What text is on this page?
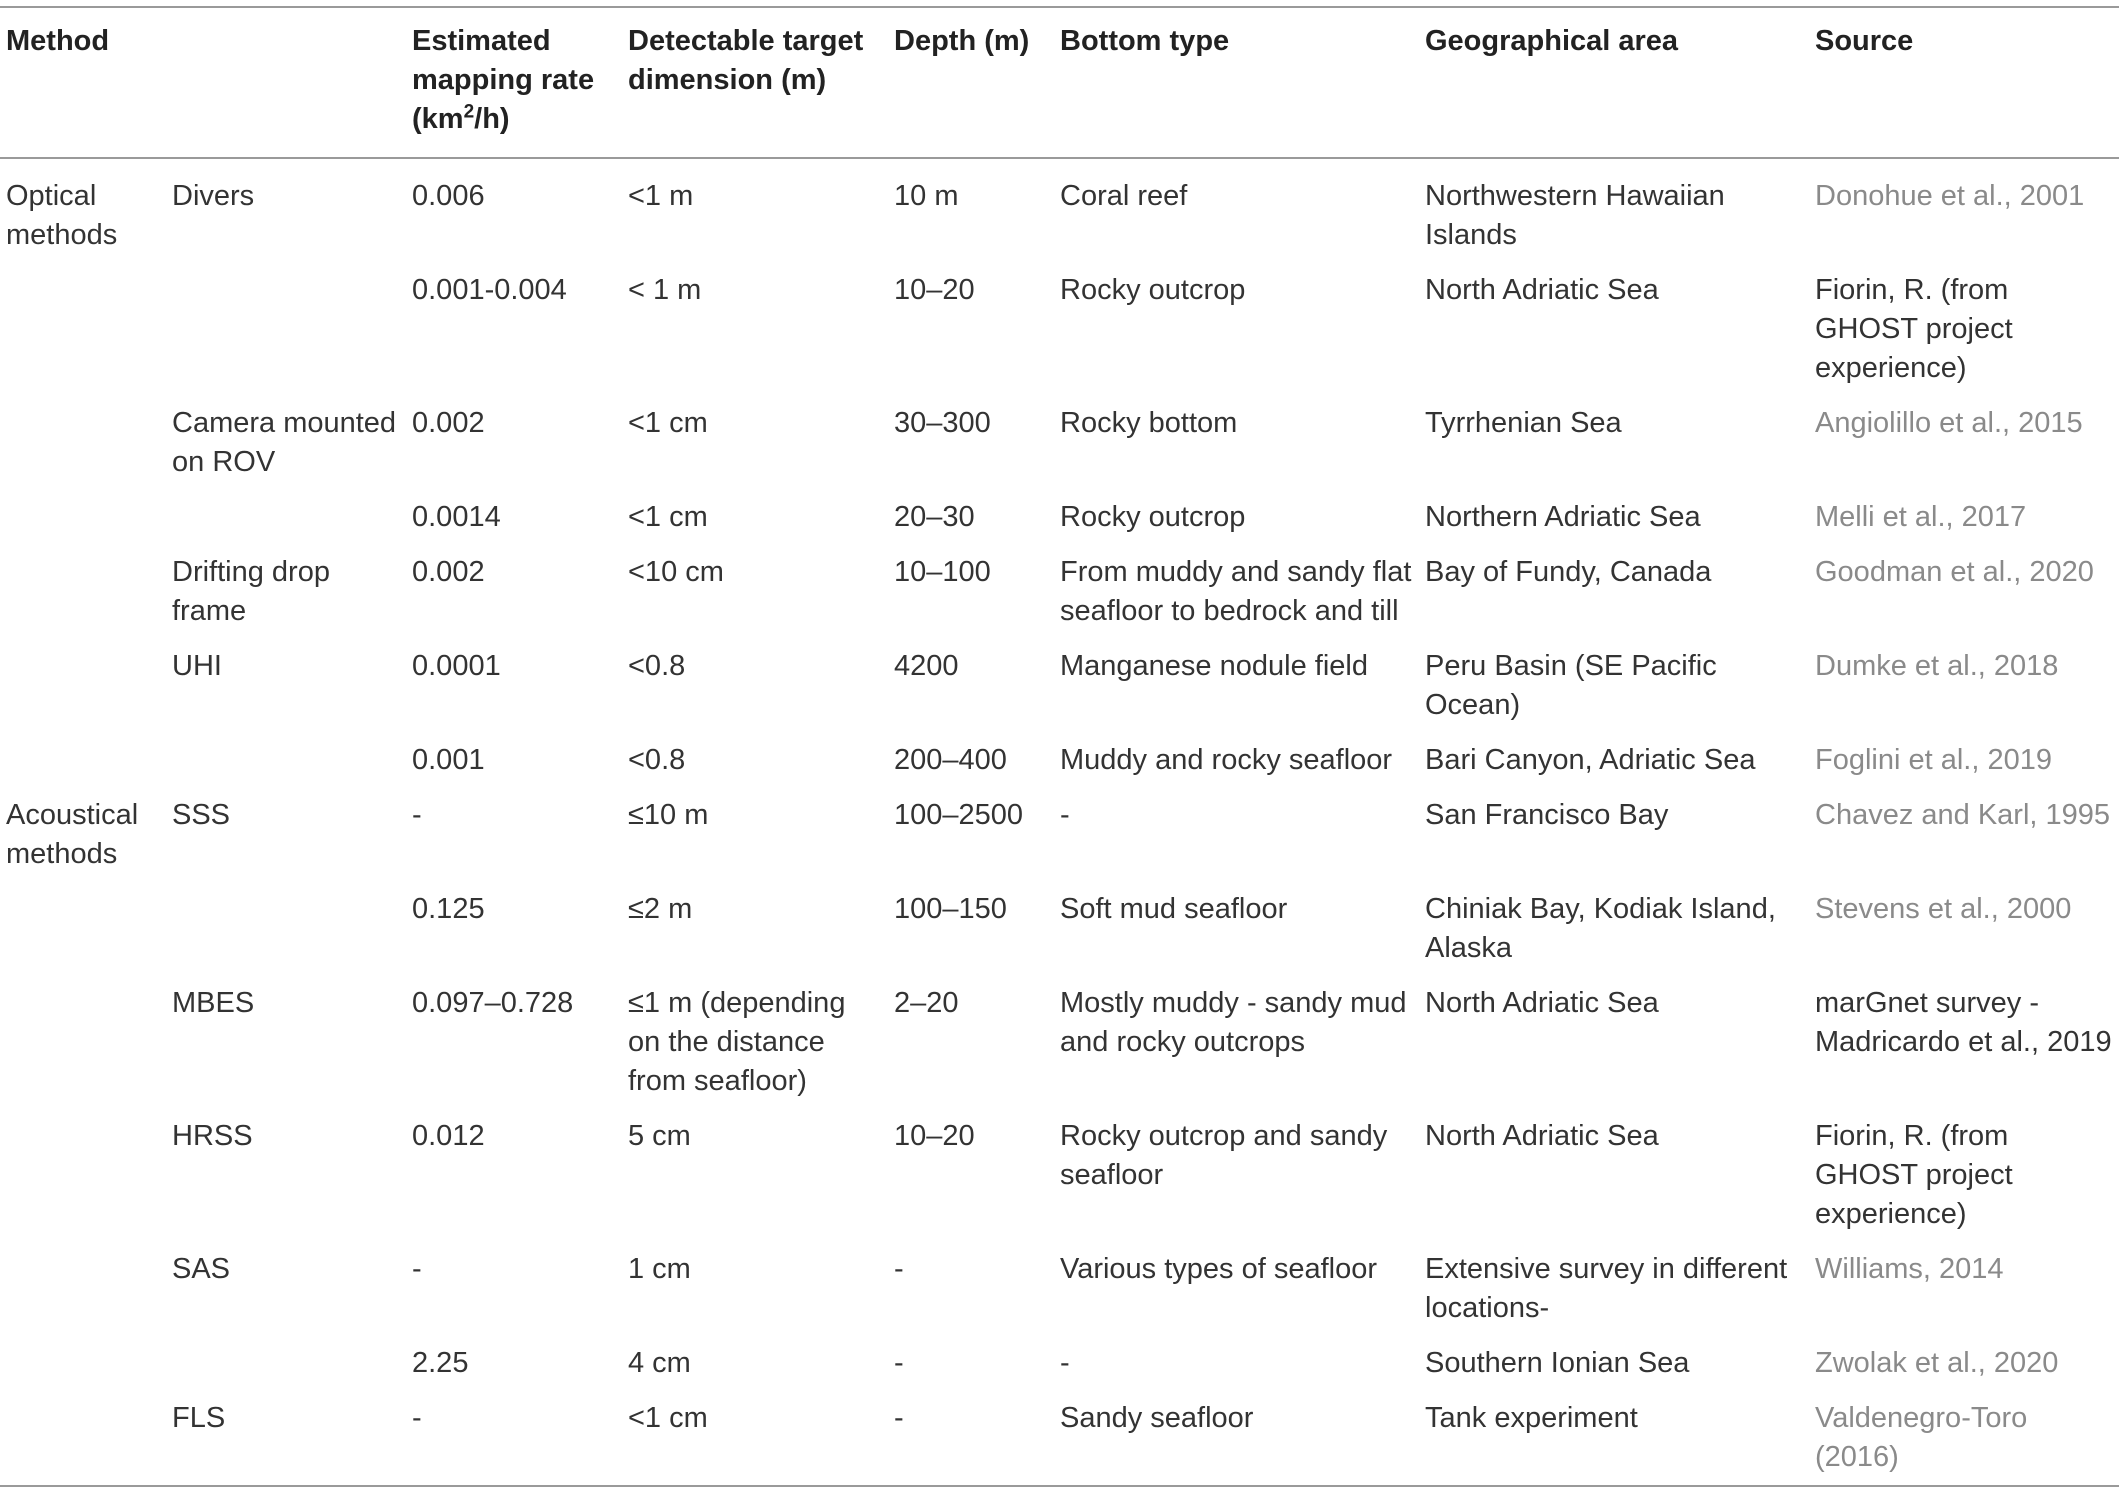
Method		Estimated mapping rate $(km^2/h)$	Detectable target dimension (m)	Depth (m)	Bottom type	Geographical area	Source
Optical methods	Divers	0.006	<1 m	10 m	Coral reef	Northwestern Hawaiian Islands	Donohue et al., 2001
		0.001-0.004	< 1 m	10–20	Rocky outcrop	North Adriatic Sea	Fiorin, R. (from GHOST project experience)
	Camera mounted on ROV	0.002	<1 cm	30–300	Rocky bottom	Tyrrhenian Sea	Angiolillo et al., 2015
		0.0014	<1 cm	20–30	Rocky outcrop	Northern Adriatic Sea	Melli et al., 2017
	Drifting drop frame	0.002	<10 cm	10–100	From muddy and sandy flat seafloor to bedrock and till	Bay of Fundy, Canada	Goodman et al., 2020
	UHI	0.0001	<0.8	4200	Manganese nodule field	Peru Basin (SE Pacific Ocean)	Dumke et al., 2018
		0.001	<0.8	200–400	Muddy and rocky seafloor	Bari Canyon, Adriatic Sea	Foglini et al., 2019
Acoustical methods	SSS	-	≤10 m	100–2500	-	San Francisco Bay	Chavez and Karl, 1995
		0.125	≤2 m	100–150	Soft mud seafloor	Chiniak Bay, Kodiak Island, Alaska	Stevens et al., 2000
	MBES	0.097–0.728	≤1 m (depending on the distance from seafloor)	2–20	Mostly muddy - sandy mud and rocky outcrops	North Adriatic Sea	marGnet survey - Madricardo et al., 2019
	HRSS	0.012	5 cm	10–20	Rocky outcrop and sandy seafloor	North Adriatic Sea	Fiorin, R. (from GHOST project experience)
	SAS	-	1 cm	-	Various types of seafloor	Extensive survey in different locations-	Williams, 2014
		2.25	4 cm	-	-	Southern Ionian Sea	Zwolak et al., 2020
	FLS	-	<1 cm	-	Sandy seafloor	Tank experiment	Valdenegro-Toro (2016)
